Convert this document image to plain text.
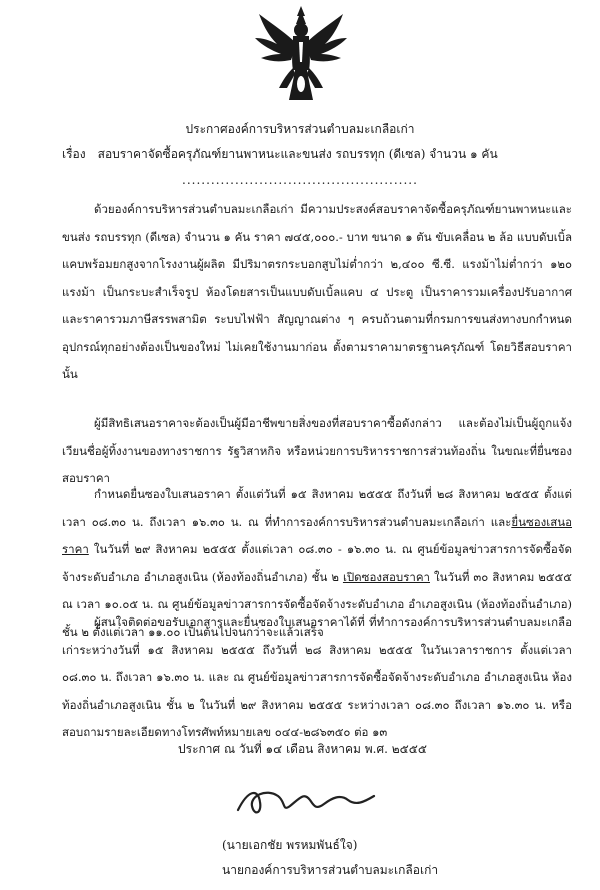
ประกาศองค์การบริหารส่วนตำบลมะเกลือเก่า
เรื่อง สอบราคาจัดซื้อครุภัณฑ์ยานพาหนะและขนส่ง รถบรรทุก (ดีเซล) จำนวน ๑ คัน
.................................................
ด้วยองค์การบริหารส่วนตำบลมะเกลือเก่า มีความประสงค์สอบราคาจัดซื้อครุภัณฑ์ยานพาหนะและขนส่ง รถบรรทุก (ดีเซล) จำนวน ๑ คัน ราคา ๗๔๕,๐๐๐.- บาท ขนาด ๑ ตัน ขับเคลื่อน ๒ ล้อ แบบดับเบิ้ลแคบพร้อมยกสูงจากโรงงานผู้ผลิต มีปริมาตรกระบอกสูบไม่ต่ำกว่า ๒,๔๐๐ ซี.ซี. แรงม้าไม่ต่ำกว่า ๑๒๐ แรงม้า เป็นกระบะสำเร็จรูป ห้องโดยสารเป็นแบบดับเบิ้ลแคบ ๔ ประตู เป็นราคารวมเครื่องปรับอากาศ และราคารวมภาษีสรรพสามิต ระบบไฟฟ้า สัญญาณต่าง ๆ ครบถ้วนตามที่กรมการขนส่งทางบกกำหนด อุปกรณ์ทุกอย่างต้องเป็นของใหม่ ไม่เคยใช้งานมาก่อน ตั้งตามราคามาตรฐานครุภัณฑ์ โดยวิธีสอบราคา นั้น
ผู้มีสิทธิเสนอราคาจะต้องเป็นผู้มีอาชีพขายสิ่งของที่สอบราคาซื้อดังกล่าว และต้องไม่เป็นผู้ถูกแจ้งเวียนชื่อผู้ทิ้งงานของทางราชการ รัฐวิสาหกิจ หรือหน่วยการบริหารราชการส่วนท้องถิ่น ในขณะที่ยื่นซองสอบราคา
กำหนดยื่นซองใบเสนอราคา ตั้งแต่วันที่ ๑๕ สิงหาคม ๒๕๕๕ ถึงวันที่ ๒๘ สิงหาคม ๒๕๕๕ ตั้งแต่เวลา ๐๘.๓๐ น. ถึงเวลา ๑๖.๓๐ น. ณ ที่ทำการองค์การบริหารส่วนตำบลมะเกลือเก่า และยื่นซองเสนอราคา ในวันที่ ๒๙ สิงหาคม ๒๕๕๕ ตั้งแต่เวลา ๐๘.๓๐ - ๑๖.๓๐ น. ณ ศูนย์ข้อมูลข่าวสารการจัดซื้อจัดจ้างระดับอำเภอ อำเภอสูงเนิน (ห้องท้องถิ่นอำเภอ) ชั้น ๒ เปิดซองสอบราคา ในวันที่ ๓๐ สิงหาคม ๒๕๕๕ ณ เวลา ๑๐.๐๕ น. ณ ศูนย์ข้อมูลข่าวสารการจัดซื้อจัดจ้างระดับอำเภอ อำเภอสูงเนิน (ห้องท้องถิ่นอำเภอ) ชั้น ๒ ตั้งแต่เวลา ๑๑.๐๐ เป็นต้นไปจนกว่าจะแล้วเสร็จ
ผู้สนใจติดต่อขอรับเอกสารและยื่นซองใบเสนอราคาได้ที่ ที่ทำการองค์การบริหารส่วนตำบลมะเกลือเก่าระหว่างวันที่ ๑๕ สิงหาคม ๒๕๕๕ ถึงวันที่ ๒๘ สิงหาคม ๒๕๕๕ ในวันเวลาราชการ ตั้งแต่เวลา ๐๘.๓๐ น. ถึงเวลา ๑๖.๓๐ น. และ ณ ศูนย์ข้อมูลข่าวสารการจัดซื้อจัดจ้างระดับอำเภอ อำเภอสูงเนิน ห้องท้องถิ่นอำเภอสูงเนิน ชั้น ๒ ในวันที่ ๒๙ สิงหาคม ๒๕๕๕ ระหว่างเวลา ๐๘.๓๐ ถึงเวลา ๑๖.๓๐ น. หรือสอบถามรายละเอียดทางโทรศัพท์หมายเลข ๐๔๔-๒๘๖๓๕๐ ต่อ ๑๓
ประกาศ ณ วันที่ ๑๔ เดือน สิงหาคม พ.ศ. ๒๕๕๕
(นายเอกชัย พรหมพันธ์ใจ)
นายกองค์การบริหารส่วนตำบลมะเกลือเก่า
